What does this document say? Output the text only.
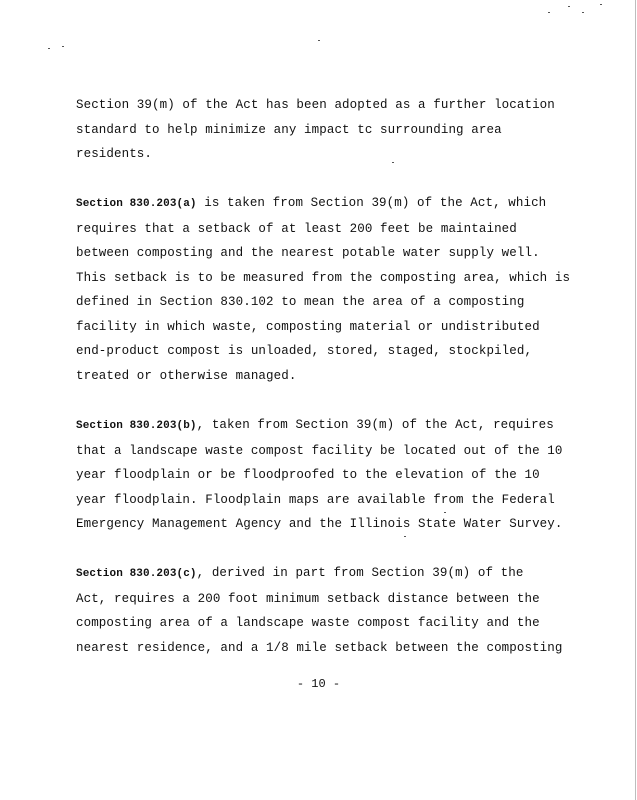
Section 39(m) of the Act has been adopted as a further location
standard to help minimize any impact tc surrounding area
residents.

Section 830.203(a) is taken from Section 39(m) of the Act, which
requires that a setback of at least 200 feet be maintained
between composting and the nearest potable water supply well.
This setback is to be measured from the composting area, which is
defined in Section 830.102 to mean the area of a composting
facility in which waste, composting material or undistributed
end-product compost is unloaded, stored, staged, stockpiled,
treated or otherwise managed.

Section 830.203(b), taken from Section 39(m) of the Act, requires
that a landscape waste compost facility be located out of the 10
year floodplain or be floodproofed to the elevation of the 10
year floodplain. Floodplain maps are available from the Federal
Emergency Management Agency and the Illinois State Water Survey.

Section 830.203(c), derived in part from Section 39(m) of the
Act, requires a 200 foot minimum setback distance between the
composting area of a landscape waste compost facility and the
nearest residence, and a 1/8 mile setback between the composting

- 10 -
